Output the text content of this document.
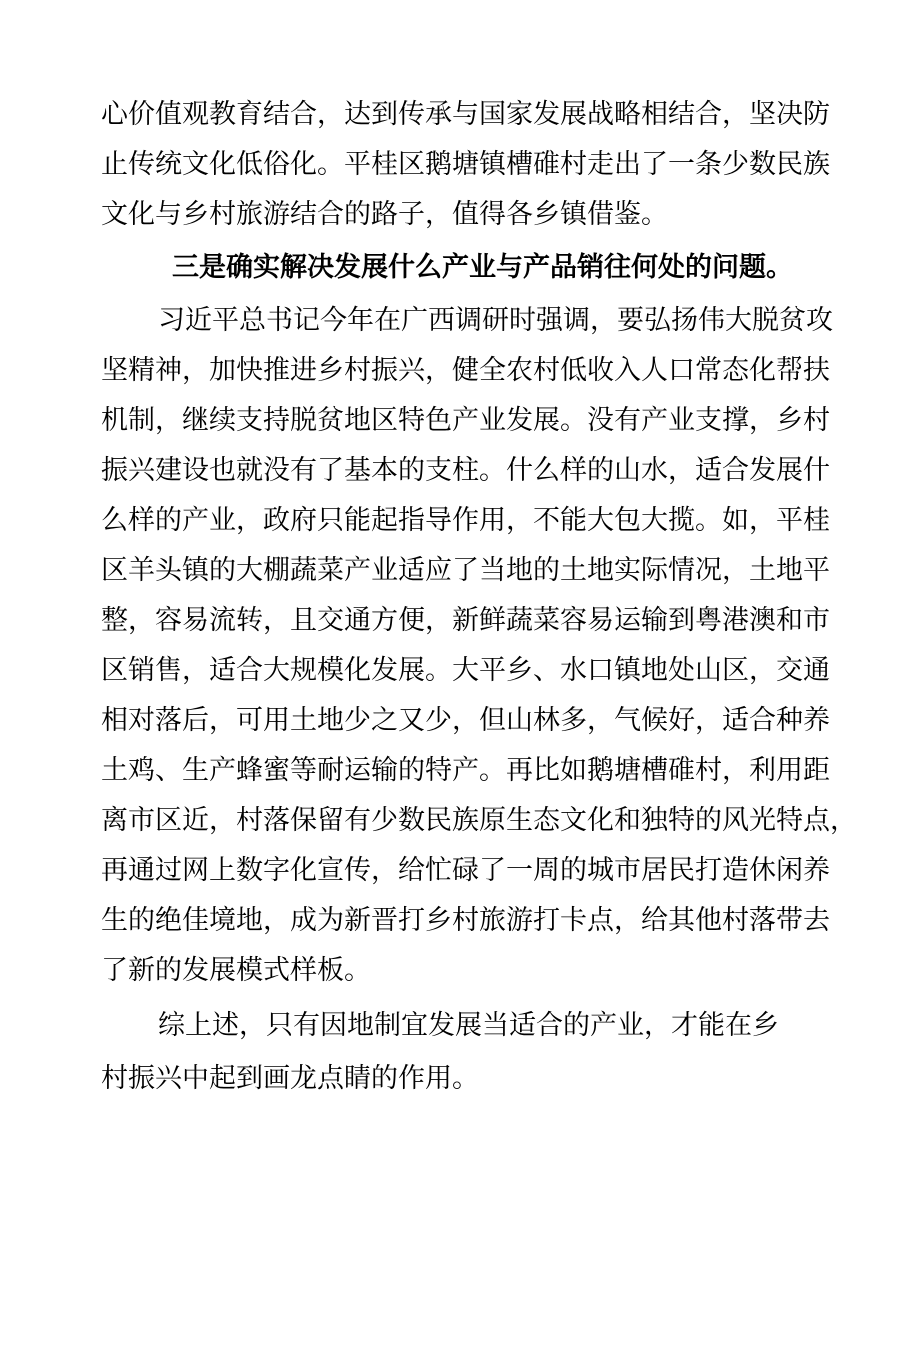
心价值观教育结合，达到传承与国家发展战略相结合，坚决防
止传统文化低俗化。平桂区鹅塘镇槽碓村走出了一条少数民族
文化与乡村旅游结合的路子，值得各乡镇借鉴。
三是确实解决发展什么产业与产品销往何处的问题。
习近平总书记今年在广西调研时强调，要弘扬伟大脱贫攻
坚精神，加快推进乡村振兴，健全农村低收入人口常态化帮扶
机制，继续支持脱贫地区特色产业发展。没有产业支撑，乡村
振兴建设也就没有了基本的支柱。什么样的山水，适合发展什
么样的产业，政府只能起指导作用，不能大包大揽。如，平桂
区羊头镇的大棚蔬菜产业适应了当地的土地实际情况，土地平
整，容易流转，且交通方便，新鲜蔬菜容易运输到粤港澳和市
区销售，适合大规模化发展。大平乡、水口镇地处山区，交通
相对落后，可用土地少之又少，但山林多，气候好，适合种养
土鸡、生产蜂蜜等耐运输的特产。再比如鹅塘槽碓村，利用距
离市区近，村落保留有少数民族原生态文化和独特的风光特点，
再通过网上数字化宣传，给忙碌了一周的城市居民打造休闲养
生的绝佳境地，成为新晋打乡村旅游打卡点，给其他村落带去
了新的发展模式样板。
综上述，只有因地制宜发展当适合的产业，才能在乡
村振兴中起到画龙点睛的作用。
